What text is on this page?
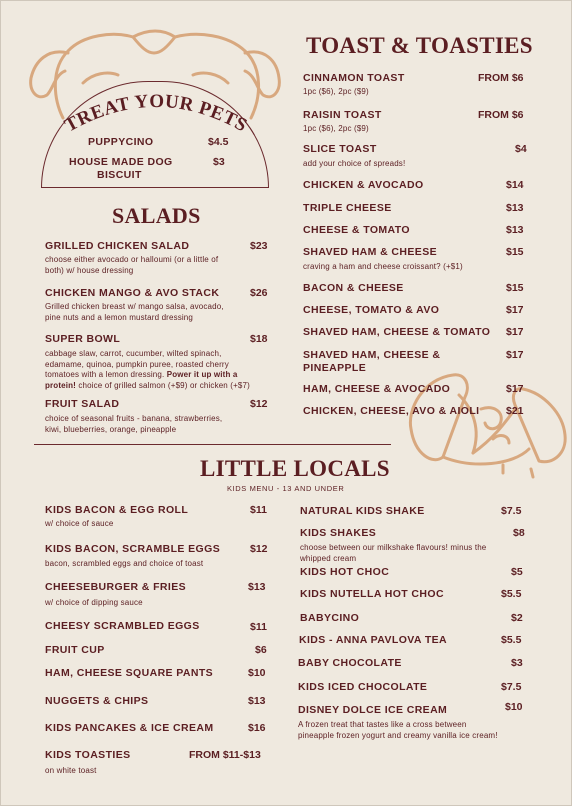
TREAT YOUR PETS
PUPPYCINO	$4.5
HOUSE MADE DOG
BISCUIT
$3
SALADS
GRILLED CHICKEN SALAD	$23
choose either avocado or halloumi (or a little of
both) w/ house dressing
CHICKEN MANGO & AVO STACK	$26
Grilled chicken breast w/ mango salsa, avocado,
pine nuts and a lemon mustard dressing
SUPER BOWL	$18
cabbage slaw, carrot, cucumber, wilted spinach,
edamame, quinoa, pumpkin puree, roasted cherry
tomatoes with a lemon dressing. Power it up with a
protein! choice of grilled salmon (+$9) or chicken (+$7)
FRUIT SALAD	$12
choice of seasonal fruits - banana, strawberries,
kiwi, blueberries, orange, pineapple
TOAST & TOASTIES
CINNAMON TOAST	FROM $6
1pc ($6), 2pc ($9)
RAISIN TOAST	FROM $6
1pc ($6), 2pc ($9)
SLICE TOAST	$4
add your choice of spreads!
CHICKEN & AVOCADO	$14
TRIPLE CHEESE	$13
CHEESE & TOMATO	$13
SHAVED HAM & CHEESE	$15
craving a ham and cheese croissant? (+$1)
BACON & CHEESE	$15
CHEESE, TOMATO & AVO	$17
SHAVED HAM, CHEESE & TOMATO $17
SHAVED HAM, CHEESE &
PINEAPPLE
$17
HAM, CHEESE & AVOCADO	$17
CHICKEN, CHEESE, AVO & AIOLI	$21
LITTLE LOCALS
KIDS MENU - 13 AND UNDER
KIDS BACON & EGG ROLL	$11
w/ choice of sauce
KIDS BACON, SCRAMBLE EGGS	$12
bacon, scrambled eggs and choice of toast
CHEESEBURGER & FRIES	$13
w/ choice of dipping sauce
CHEESY SCRAMBLED EGGS	$11
FRUIT CUP	$6
HAM, CHEESE SQUARE PANTS	$10
NUGGETS & CHIPS	$13
KIDS PANCAKES & ICE CREAM	$16
KIDS TOASTIES	FROM $11-$13
on white toast
NATURAL KIDS SHAKE	$7.5
KIDS SHAKES	$8
choose between our milkshake flavours! minus the
whipped cream
KIDS HOT CHOC	$5
KIDS NUTELLA HOT CHOC	$5.5
BABYCINO	$2
KIDS - ANNA PAVLOVA TEA	$5.5
BABY CHOCOLATE	$3
KIDS ICED CHOCOLATE	$7.5
DISNEY DOLCE ICE CREAM	$10
A frozen treat that tastes like a cross between
pineapple frozen yogurt and creamy vanilla ice cream!
